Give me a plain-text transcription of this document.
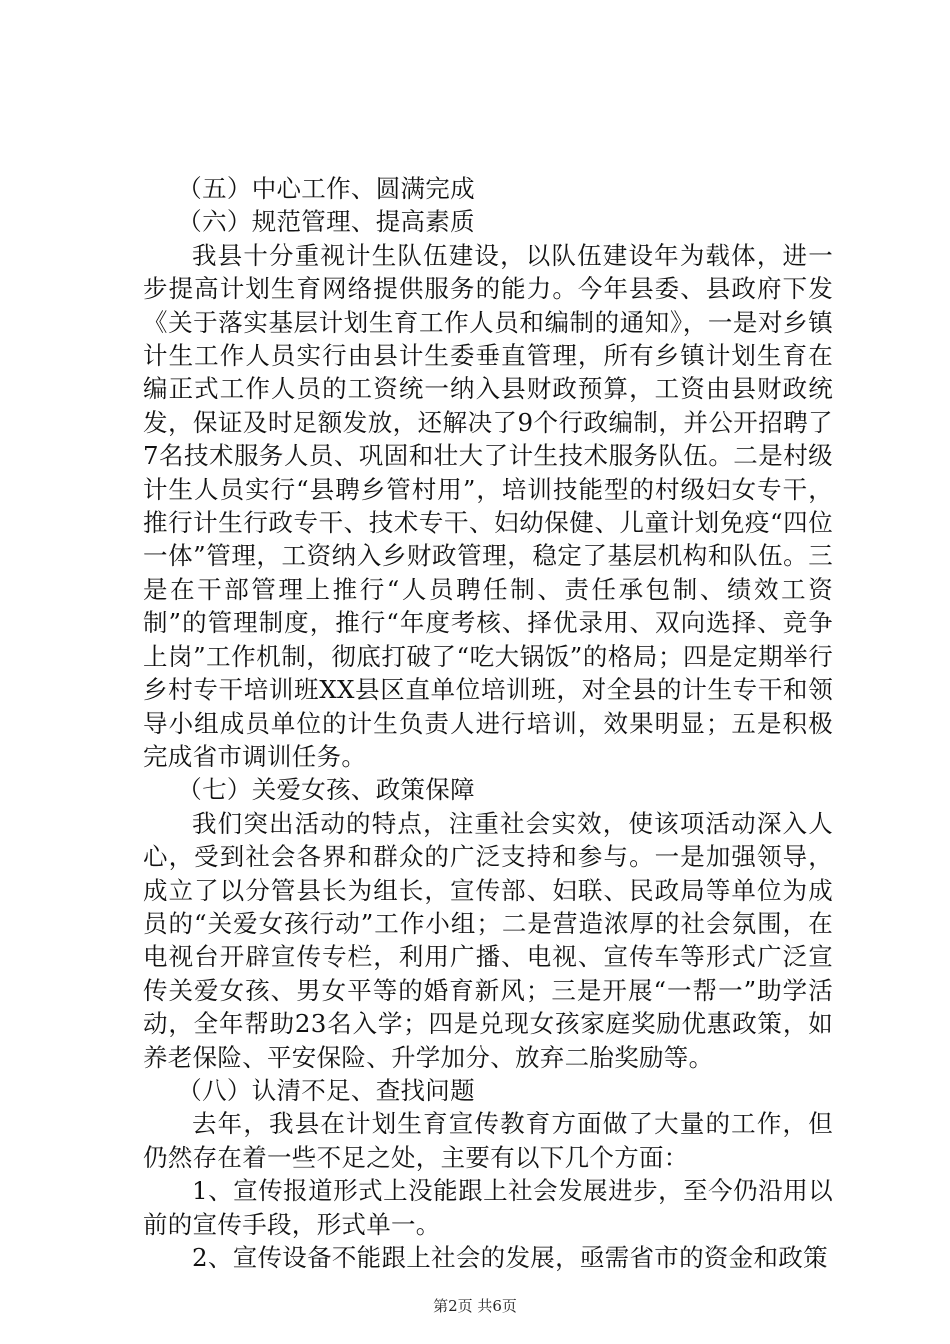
（五）中心工作、圆满完成

（六）规范管理、提高素质

我县十分重视计生队伍建设，以队伍建设年为载体，进一步提高计划生育网络提供服务的能力。今年县委、县政府下发《关于落实基层计划生育工作人员和编制的通知》，一是对乡镇计生工作人员实行由县计生委垂直管理，所有乡镇计划生育在编正式工作人员的工资统一纳入县财政预算，工资由县财政统发，保证及时足额发放，还解决了9个行政编制，并公开招聘了7名技术服务人员、巩固和壮大了计生技术服务队伍。二是村级计生人员实行“县聘乡管村用”，培训技能型的村级妇女专干，推行计生行政专干、技术专干、妇幼保健、儿童计划免疫“四位一体”管理，工资纳入乡财政管理，稳定了基层机构和队伍。三是在干部管理上推行“人员聘任制、责任承包制、绩效工资制”的管理制度，推行“年度考核、择优录用、双向选择、竞争上岗”工作机制，彻底打破了“吃大锅饭”的格局；四是定期举行乡村专干培训班XX县区直单位培训班，对全县的计生专干和领导小组成员单位的计生负责人进行培训，效果明显；五是积极完成省市调训任务。

（七）关爱女孩、政策保障

我们突出活动的特点，注重社会实效，使该项活动深入人心，受到社会各界和群众的广泛支持和参与。一是加强领导，成立了以分管县长为组长，宣传部、妇联、民政局等单位为成员的“关爱女孩行动”工作小组；二是营造浓厚的社会氛围，在电视台开辟宣传专栏，利用广播、电视、宣传车等形式广泛宣传关爱女孩、男女平等的婚育新风；三是开展“一帮一”助学活动，全年帮助23名入学；四是兑现女孩家庭奖励优惠政策，如养老保险、平安保险、升学加分、放弃二胎奖励等。

（八）认清不足、查找问题

去年，我县在计划生育宣传教育方面做了大量的工作，但仍然存在着一些不足之处，主要有以下几个方面：

1、宣传报道形式上没能跟上社会发展进步，至今仍沿用以前的宣传手段，形式单一。

2、宣传设备不能跟上社会的发展，亟需省市的资金和政策

第2页 共6页
